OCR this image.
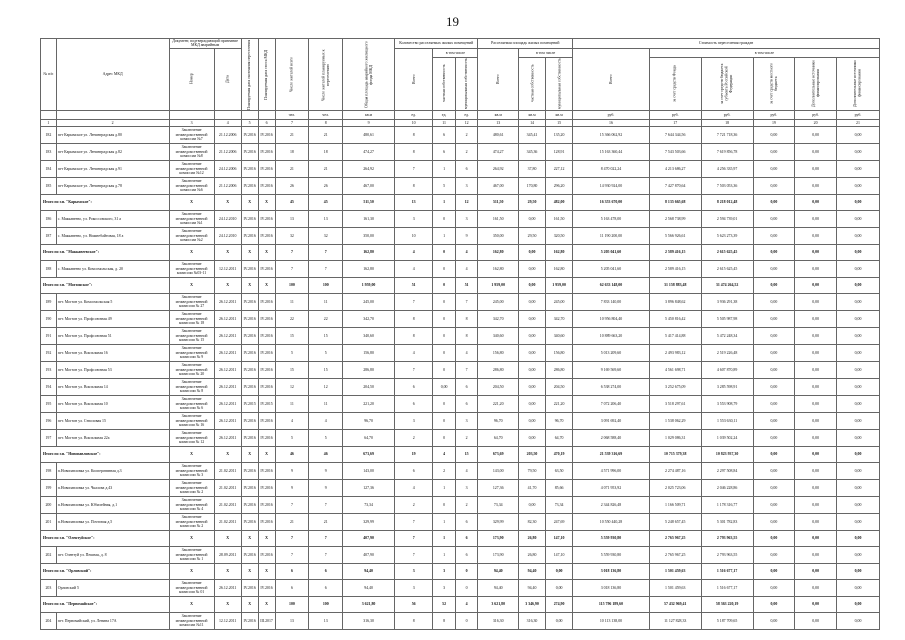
19
№ п/п	Адрес МКД	Документ, подтверждающий признание МКД аварийным		Планируемая дата окончания переселения	Планируемая дата сноса МКД	Число жителей всего	Число жителей планируемых к переселению	Общая площадь аварийного жилищного фонда МКД	Количество расселяемых жилых помещений			Расселяемая площадь жилых помещений			Стоимость переселения граждан					
		Номер	Дата						Всего	в том числе		Всего	в том числе		Всего	в том числе				
										частная собственность	муниципальная собственность		частная собственность	муниципальная собственность		за счет средств Фонда	за счет средств бюджета субъекта Российской Федерации	за счет средств местного бюджета	Дополнительные источники финансирования	Дополнительные источники финансирования
						чел.	чел.	кв.м	ед.	ед.	ед.	кв.м	кв.м	кв.м	руб.	руб.	руб.	руб.	руб.	руб.
1	2	3	4	5	6	7	8	9	10	11	12	13	14	15	16	17	18	19	20	21
182	пгт Карымское ул. Ленинградская д.80	Заключение межведомственной комиссии №7	21.12.2006	IV.2016	IV.2016	21	21	480,61	8	6	2	480,61	345,41	135,20	15 366 062,92	7 644 344,56	7 721 718,36	0,00	0,00	0,00
183	пгт Карымское ул. Ленинградская д.82	Заключение межведомственной комиссии №8	21.12.2006	IV.2016	IV.2016	18	18	474,27	8	6	2	474,27	345,36	128,91	15 163 360,44	7 543 503,66	7 619 856,78	0,00	0,00	0,00
184	пгт Карымское ул. Ленинградская д.91	Заключение межведомственной комиссии №12	24.12.2006	IV.2016	IV.2016	21	21	264,92	7	1	6	264,92	37,80	227,12	8 470 022,24	4 213 686,27	4 256 335,97	0,00	0,00	0,00
185	пгт Карымское ул. Ленинградская д.78	Заключение межведомственной комиссии №6	21.12.2006	IV.2016	IV.2016	26	26	467,00	8	5	3	467,00	170,80	296,20	14 930 924,00	7 427 870,64	7 503 053,36	0,00	0,00	0,00
Итого по г.п. "Карымское":		X	X	X	X	45	45	511,50	13	1	12	511,50	29,50	482,00	16 353 670,00	8 135 665,68	8 218 012,48	0,00	0,00	0,00
186	с. Маккавеево, ул. Рокоссовского, 31 а	Заключение межведомственной комиссии №1	24.12.2010	IV.2016	IV.2016	13	13	161,30	3	0	3	161,50	0,00	161,50	5 163 478,00	2 568 738,99	2 594 739,01	0,00	0,00	0,00
187	с. Маккавеево, ул. Нижнебайтовая, 18 а	Заключение межведомственной комиссии №2	24.12.2010	IV.2016	IV.2016	32	32	350,00	10	1	9	350,00	29,50	320,50	11 190 200,00	5 566 926,61	5 623 273,39	0,00	0,00	0,00
Итого по г.п. "Маккавеевское":		X	X	X	X	7	7	162,80	4	0	4	162,80	0,00	162,80	5 205 041,60	2 589 416,15	2 615 625,45	0,00	0,00	0,00
188	с. Маккавеево ул. Комсомольская, д. 20	Заключение межведомственной комиссии №03-11	12.12.2011	IV.2016	IV.2016	7	7	162,80	4	0	4	162,80	0,00	162,80	5 205 041,60	2 589 416,15	2 615 625,45	0,00	0,00	0,00
Итого по г.п. "Могзонское":		X	X	X	X	100	100	1 959,00	51	0	51	1 959,00	0,00	1 959,00	62 633 148,00	31 158 883,48	31 474 264,52	0,00	0,00	0,00
189	пгт. Могзон ул. Комсомольская 5	Заключение межведомственной комиссии № 27	26.12.2011	IV.2016	IV.2016	11	11	245,00	7	0	7	245,00	0,00	245,00	7 833 140,00	3 896 848,62	3 936 291,38	0,00	0,00	0,00
190	пгт. Могзон ул. Профсоюзная 49	Заключение межведомственной комиссии № 18	26.12.2011	IV.2016	IV.2016	22	22	342,70	8	0	8	342,70	0,00	342,70	10 956 804,40	5 450 816,42	5 505 987,98	0,00	0,00	0,00
191	пгт. Могзон ул. Профсоюзная 51	Заключение межведомственной комиссии № 15	26.12.2011	IV.2016	IV.2016	15	15	340,60	8	0	8	340,60	0,00	340,60	10 889 663,20	5 417 414,88	5 472 248,34	0,00	0,00	0,00
192	пгт. Могзон ул. Вокзальная 16	Заключение межведомственной комиссии № 9	26.12.2011	IV.2016	IV.2016	5	5	156,80	4	0	4	156,80	0,00	156,80	5 013 209,60	2 493 983,12	2 519 226,48	0,00	0,00	0,00
193	пгт. Могзон ул. Профсоюзная 53	Заключение межведомственной комиссии № 20	26.12.2011	IV.2016	IV.2016	15	15	286,80	7	0	7	286,80	0,00	286,80	9 169 569,60	4 561 698,71	4 607 870,89	0,00	0,00	0,00
194	пгт. Могзон ул. Вокзальная 14	Заключение межведомственной комиссии № 8	26.12.2011	IV.2016	IV.2016	12	12	204,50	6	0,00	6	204,50	0,00	204,50	6 538 274,00	3 252 675,09	3 285 598,91	0,00	0,00	0,00
195	пгт. Могзон ул. Вокзальная 10	Заключение межведомственной комиссии № 6	26.12.2011	IV.2015	IV.2015	11	11	221,20	6	0	6	221,20	0,00	221,20	7 072 206,40	3 518 297,61	3 553 908,79	0,00	0,00	0,00
196	пгт. Могзон ул. Стволовая 15	Заключение межведомственной комиссии № 16	26.12.2011	IV.2016	IV.2016	4	4	96,70	3	0	3	96,70	0,00	96,70	3 091 692,40	1 538 062,29	1 553 630,11	0,00	0,00	0,00
197	пгт. Могзон ул. Вокзальная 22а	Заключение межведомственной комиссии № 12	26.12.2011	IV.2016	IV.2016	5	5	64,70	2	0	2	64,70	0,00	64,70	2 068 588,40	1 029 086,31	1 039 502,24	0,00	0,00	0,00
Итого по г.п. "Новопавловское":		X	X	X	X	46	46	673,69	19	4	15	673,69	203,50	470,19	21 539 316,69	10 715 379,38	10 823 937,30	0,00	0,00	0,00
198	п.Новопавловка ул. Кооперативная д.3	Заключение межведомственной комиссии № 3	21.02.2011	IV.2016	IV.2016	9	9	143,00	6	2	4	143,00	79,50	63,50	4 571 996,00	2 274 487,16	2 297 508,84	0,00	0,00	0,00
199	п.Новопавловка ул. Чкалова д.43	Заключение межведомственной комиссии № 2	21.02.2011	IV.2016	IV.2016	9	9	127,36	4	1	3	127,36	41,70	85,66	4 071 953,92	2 025 723,06	2 046 228,86	0,00	0,00	0,00
200	п.Новопавловка ул. Юбилейная, д.1	Заключение межведомственной комиссии № 4	21.02.2011	IV.2016	IV.2016	7	7	73,34	2	0	2	73,34	0,00	73,34	2 344 826,48	1 166 509,71	1 178 316,77	0,00	0,00	0,00
201	п.Новопавловка ул. Почтовая д.5	Заключение межведомственной комиссии № 2	21.02.2011	IV.2016	IV.2016	21	21	329,99	7	1	6	329,99	82,30	247,69	10 550 440,28	5 248 657,45	5 301 782,83	0,00	0,00	0,00
Итого по г.п. "Олентуйское":		X	X	X	X	7	7	407,90	7	1	6	173,90	26,80	147,10	5 559 930,80	2 765 967,25	2 793 963,55	0,00	0,00	0,00
202	пгт. Олентуй ул. Пешная, д. 8	Заключение межведомственной комиссии № 1	28.09.2011	IV.2016	IV.2016	7	7	407,90	7	1	6	173,90	26,80	147,10	5 559 930,80	2 765 967,25	2 793 963,55	0,00	0,00	0,00
Итого по г.п. "Орловский":		X	X	X	X	6	6	94,40	3	3	0	94,40	94,40	0,00	3 018 136,80	1 501 459,63	1 516 677,17	0,00	0,00	0,00
203	Орловский 5	Заключение межведомственной комиссии № 01	26.12.2011	IV.2016	IV.2016	6	6	94,40	3	3	0	94,40	94,40	0,00	3 018 136,80	1 501 459,63	1 516 677,17	0,00	0,00	0,00
Итого по г.п. "Первомайское":		X	X	X	X	100	100	3 621,80	56	52	4	3 621,80	3 346,90	274,90	115 796 189,60	57 432 969,41	58 363 220,19	0,00	0,00	0,00
204	пгт. Первомайский, ул. Ленина 17А	Заключение межведомственной комиссии №11	12.12.2011	IV.2016	III.2017	13	13	316,30	8	8	0	316,30	316,30	0,00	10 113 138,00	11 127 828,33	5 187 709,65	0,00	0,00	0,00
